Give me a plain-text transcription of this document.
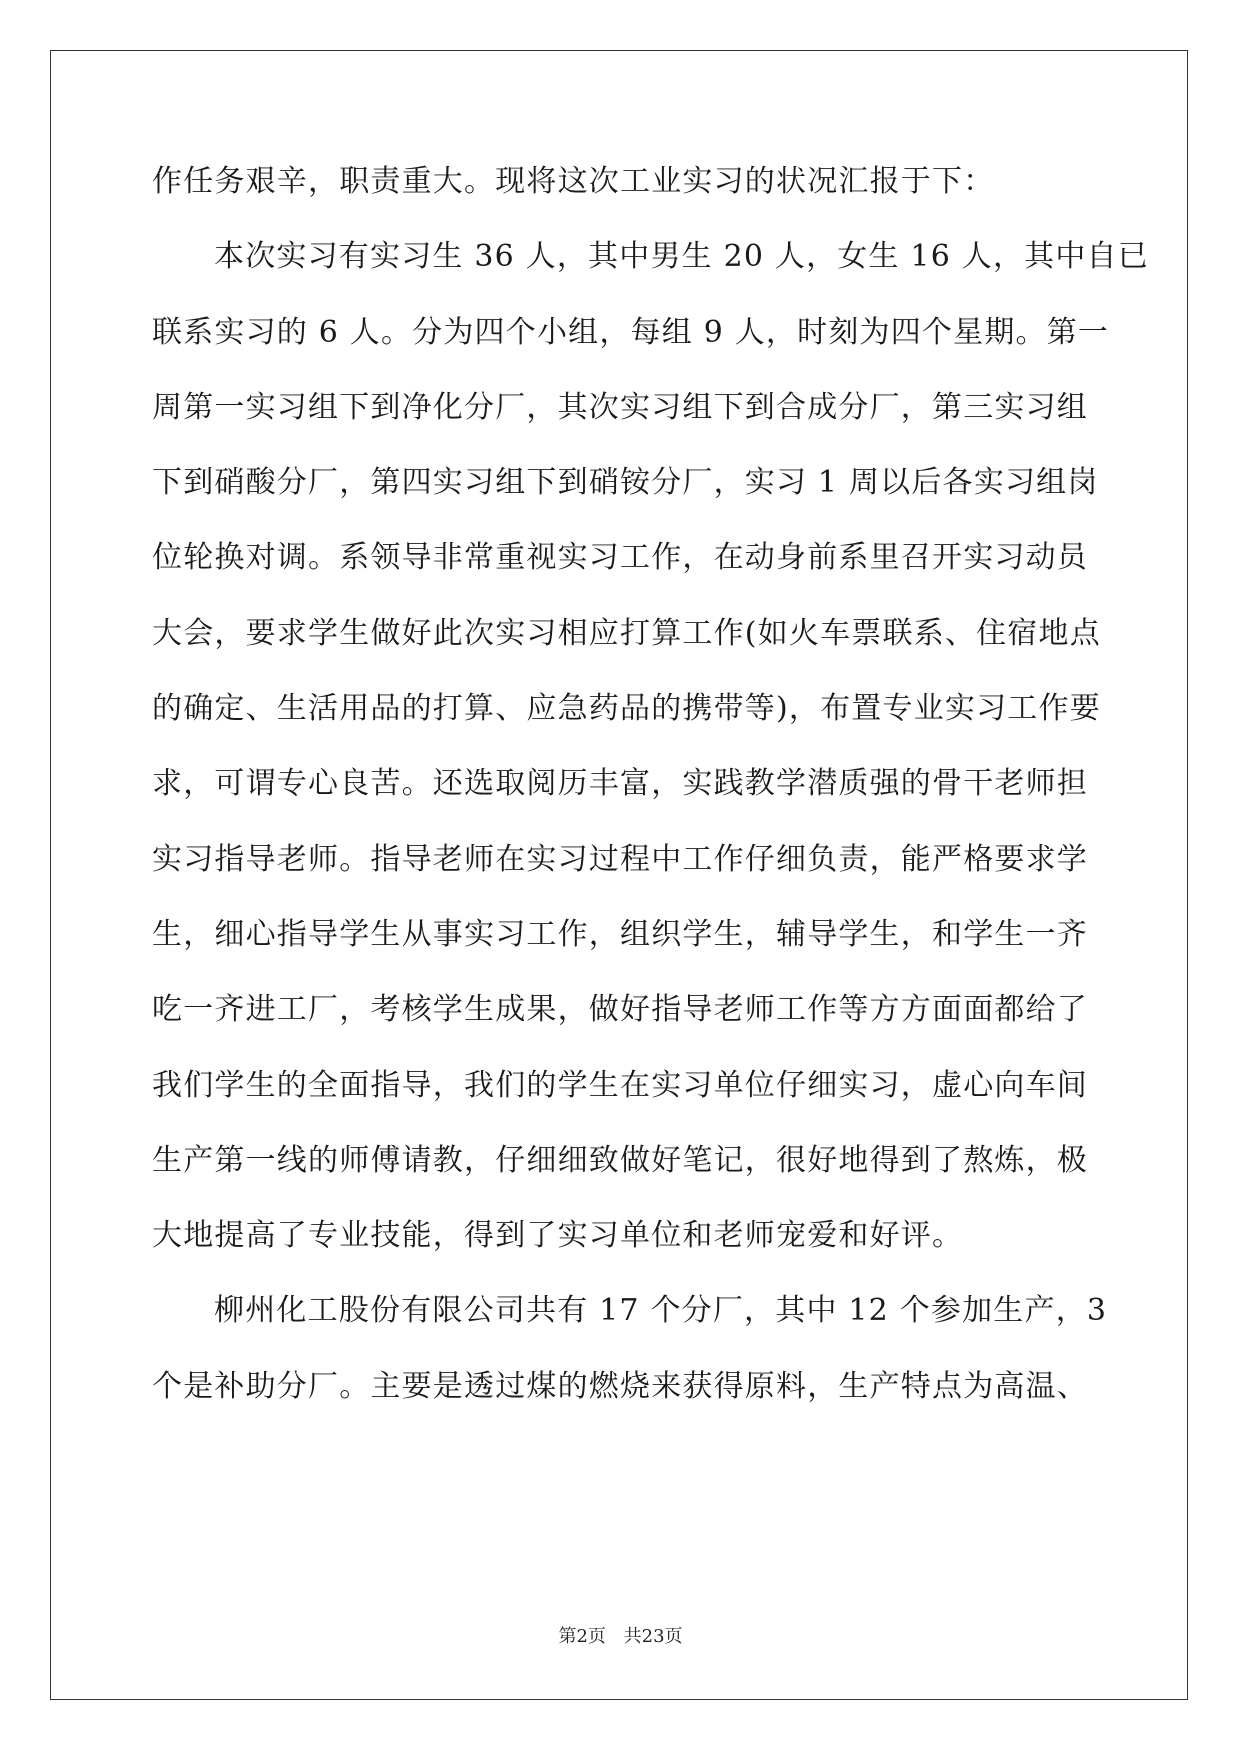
作任务艰辛，职责重大。现将这次工业实习的状况汇报于下：
本次实习有实习生 36 人，其中男生 20 人，女生 16 人，其中自已
联系实习的 6 人。分为四个小组，每组 9 人，时刻为四个星期。第一
周第一实习组下到净化分厂，其次实习组下到合成分厂，第三实习组
下到硝酸分厂，第四实习组下到硝铵分厂，实习 1 周以后各实习组岗
位轮换对调。系领导非常重视实习工作，在动身前系里召开实习动员
大会，要求学生做好此次实习相应打算工作(如火车票联系、住宿地点
的确定、生活用品的打算、应急药品的携带等)，布置专业实习工作要
求，可谓专心良苦。还选取阅历丰富，实践教学潜质强的骨干老师担
实习指导老师。指导老师在实习过程中工作仔细负责，能严格要求学
生，细心指导学生从事实习工作，组织学生，辅导学生，和学生一齐
吃一齐进工厂，考核学生成果，做好指导老师工作等方方面面都给了
我们学生的全面指导，我们的学生在实习单位仔细实习，虚心向车间
生产第一线的师傅请教，仔细细致做好笔记，很好地得到了熬炼，极
大地提高了专业技能，得到了实习单位和老师宠爱和好评。
柳州化工股份有限公司共有 17 个分厂，其中 12 个参加生产，3
个是补助分厂。主要是透过煤的燃烧来获得原料，生产特点为高温、
第2页 共23页
